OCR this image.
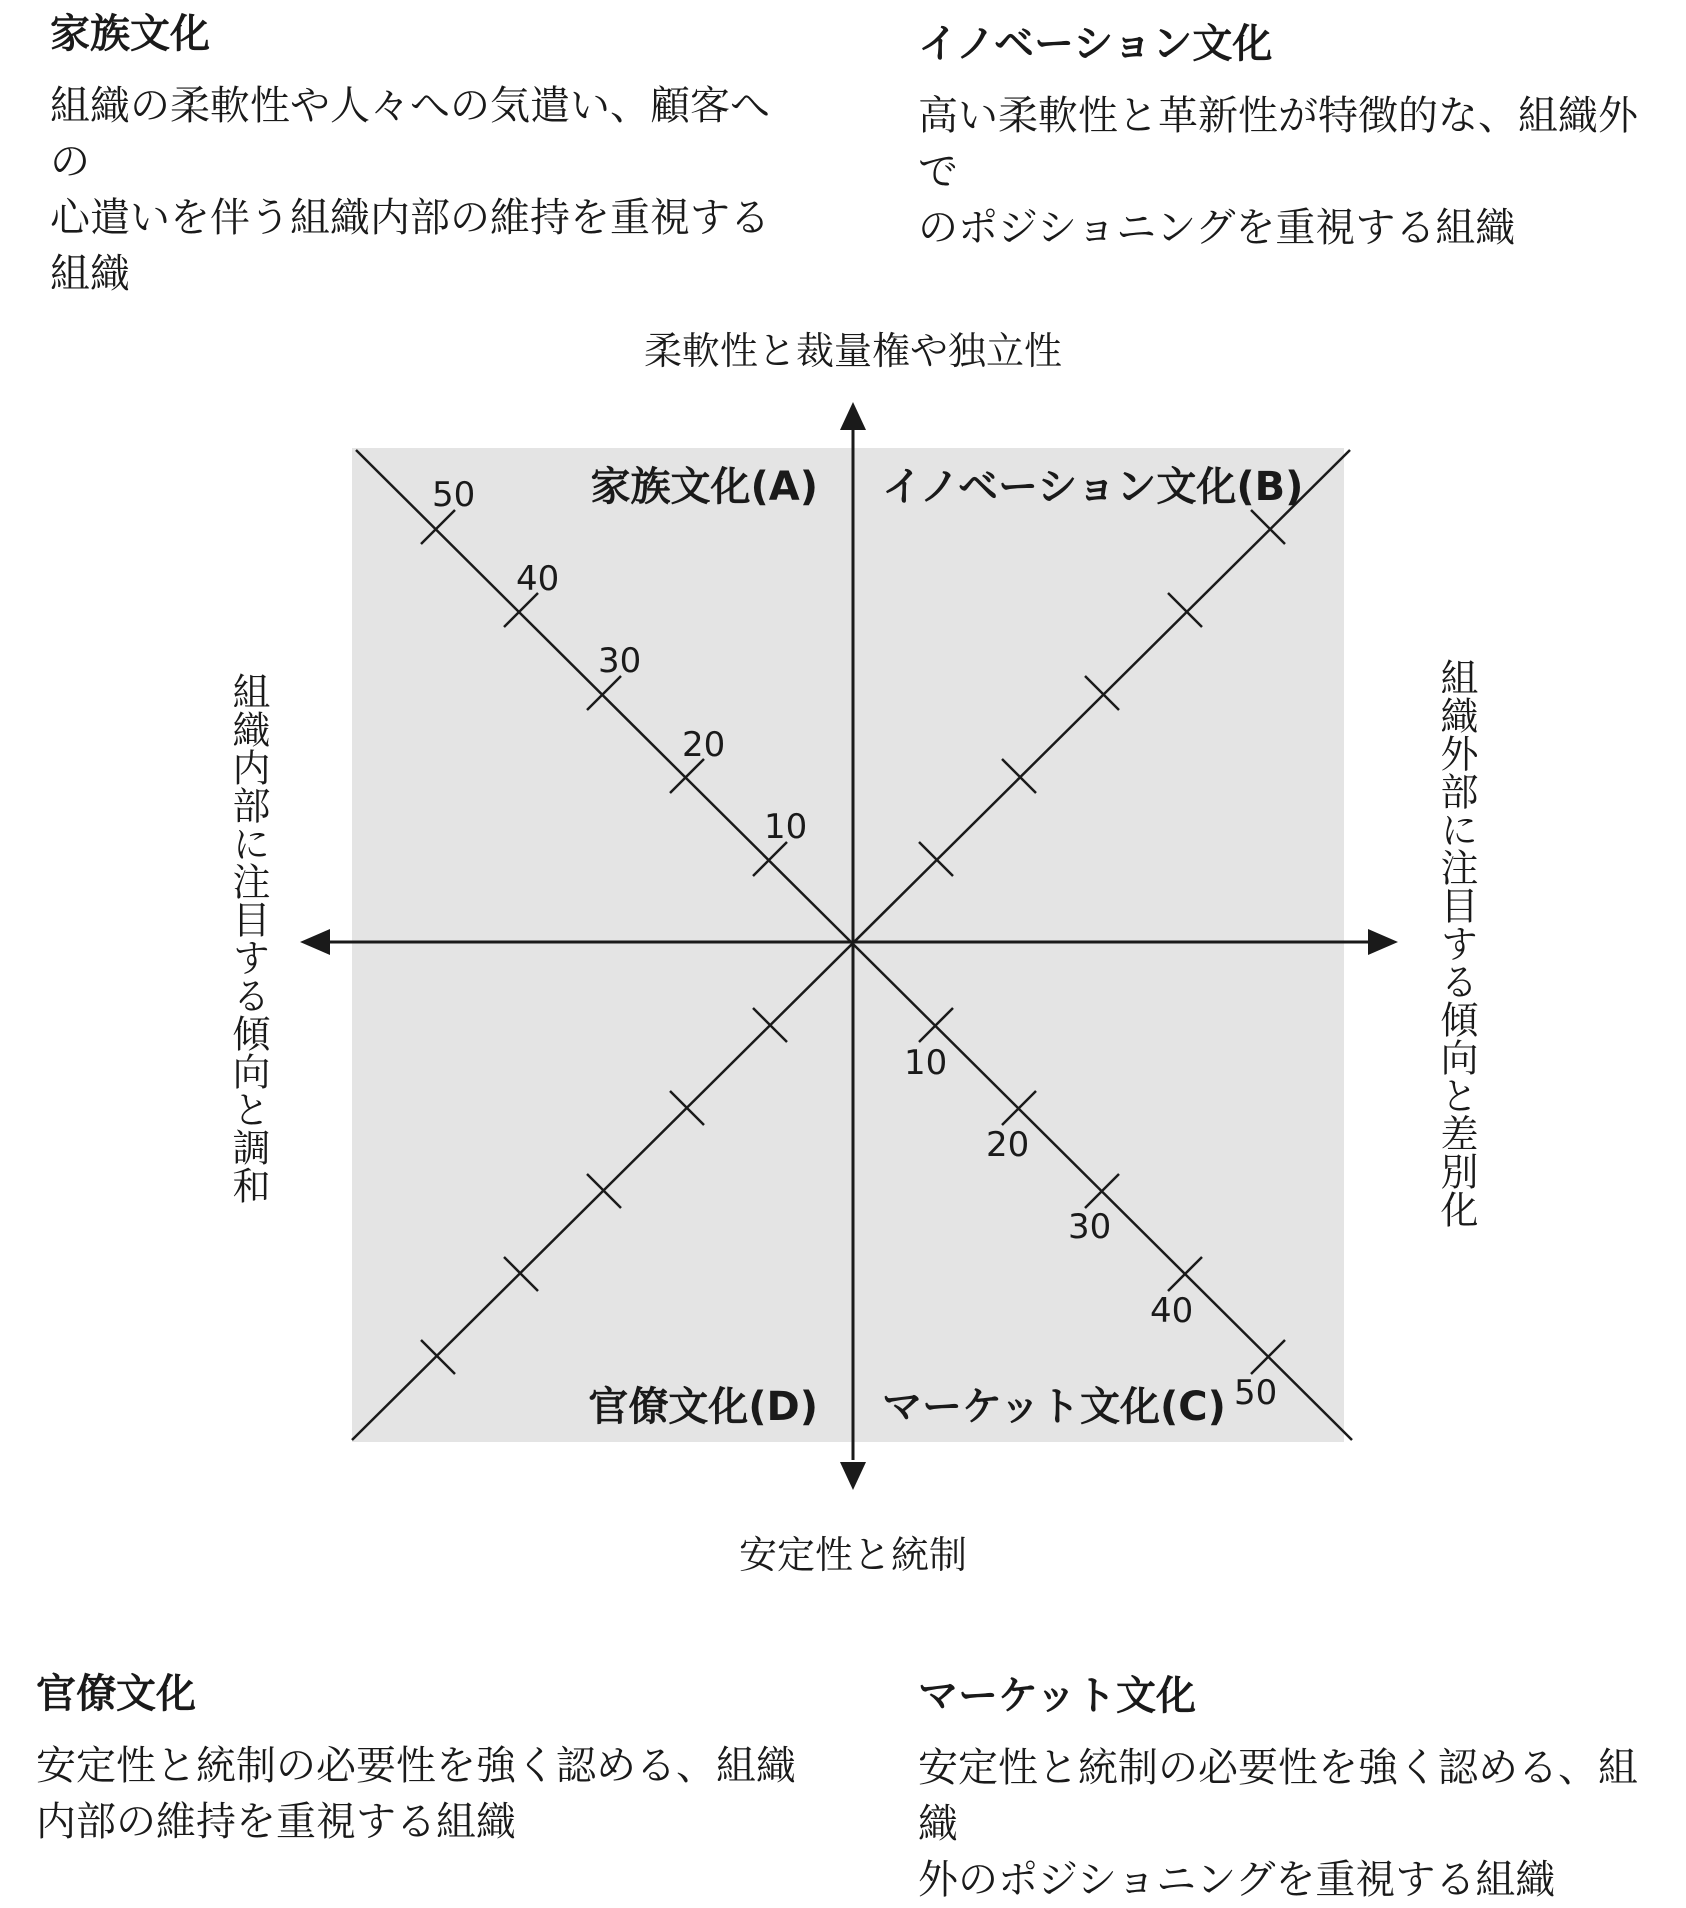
家族文化
組織の柔軟性や人々への気遣い、顧客への
心遣いを伴う組織内部の維持を重視する
組織
イノベーション文化
高い柔軟性と革新性が特徴的な、組織外で
のポジショニングを重視する組織
官僚文化
安定性と統制の必要性を強く認める、組織
内部の維持を重視する組織
マーケット文化
安定性と統制の必要性を強く認める、組織
外のポジショニングを重視する組織
50
40
30
20
10
10
20
30
40
50
家族文化(A) イノベーション文化(B)
官僚文化(D) マーケット文化(C)
柔軟性と裁量権や独立性
安定性と統制
組織内部に注目する傾向と調和	組織外部に注目する傾向と差別化
